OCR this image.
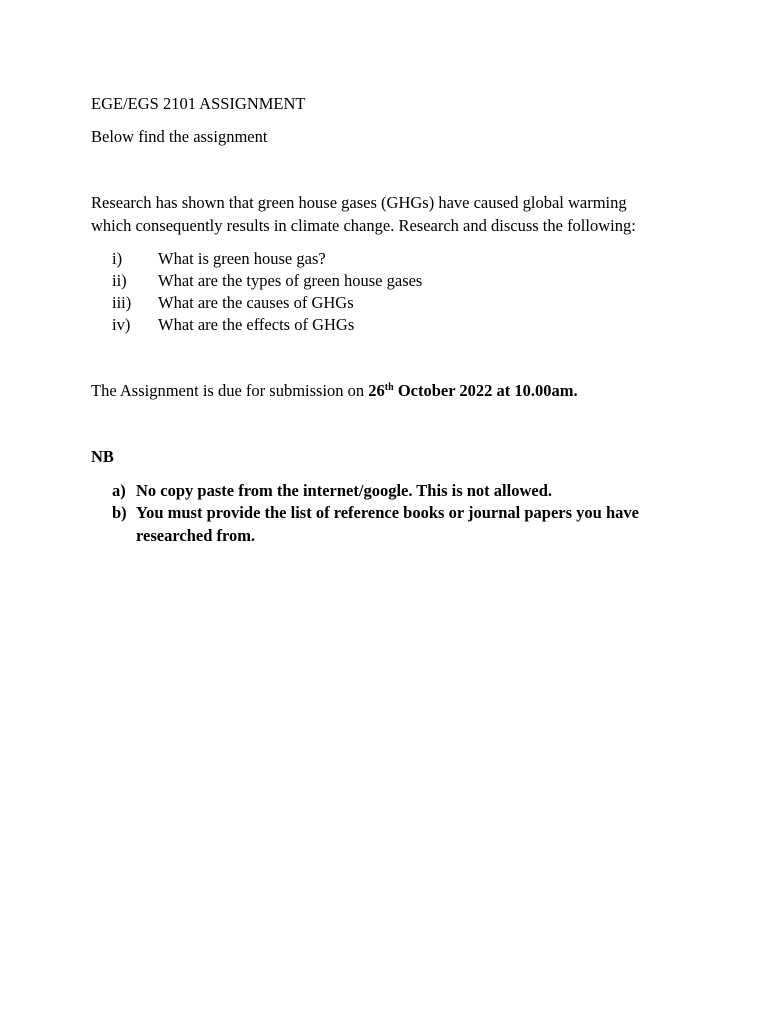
EGE/EGS 2101 ASSIGNMENT
Below find the assignment
Research has shown that green house gases (GHGs) have caused global warming
which consequently results in climate change. Research and discuss the following:
i) What is green house gas?
ii) What are the types of green house gases
iii) What are the causes of GHGs
iv) What are the effects of GHGs
The Assignment is due for submission on 26th October 2022 at 10.00am.
NB
a) No copy paste from the internet/google. This is not allowed.
b) You must provide the list of reference books or journal papers you have
researched from.
